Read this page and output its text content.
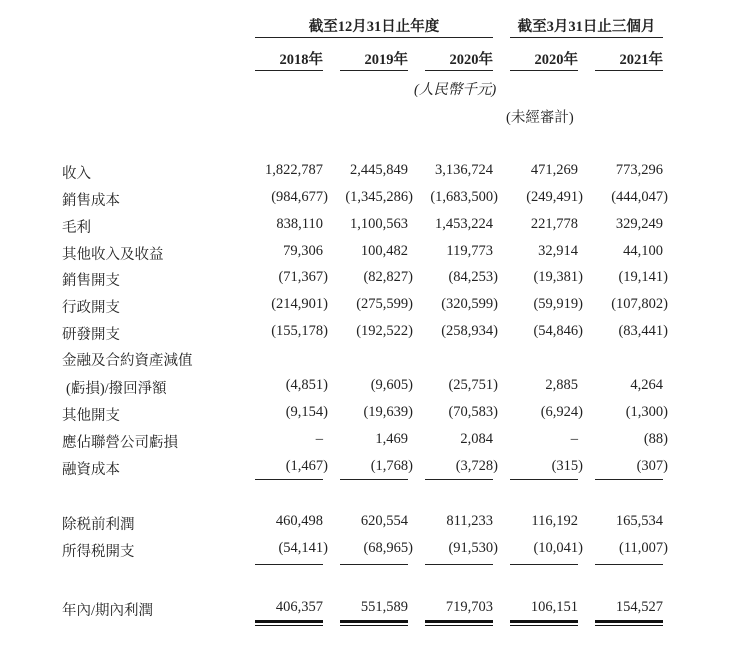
截至12月31日止年度	截至3月31日止三個月
(人民幣千元)
(未經審計)
2018年	2019年	2020年	2020年	2021年
收入	1,822,787	2,445,849	3,136,724	471,269	773,296
銷售成本	(984,677)	(1,345,286)	(1,683,500)	(249,491)	(444,047)
毛利	838,110	1,100,563	1,453,224	221,778	329,249
其他收入及收益	79,306	100,482	119,773	32,914	44,100
銷售開支	(71,367)	(82,827)	(84,253)	(19,381)	(19,141)
行政開支	(214,901)	(275,599)	(320,599)	(59,919)	(107,802)
研發開支	(155,178)	(192,522)	(258,934)	(54,846)	(83,441)
金融及合約資產減值
(虧損)/撥回淨額	(4,851)	(9,605)	(25,751)	2,885	4,264
其他開支	(9,154)	(19,639)	(70,583)	(6,924)	(1,300)
應佔聯營公司虧損	–	1,469	2,084	–	(88)
融資成本	(1,467)	(1,768)	(3,728)	(315)	(307)
除税前利潤	460,498	620,554	811,233	116,192	165,534
所得税開支	(54,141)	(68,965)	(91,530)	(10,041)	(11,007)
年內/期內利潤	406,357	551,589	719,703	106,151	154,527
